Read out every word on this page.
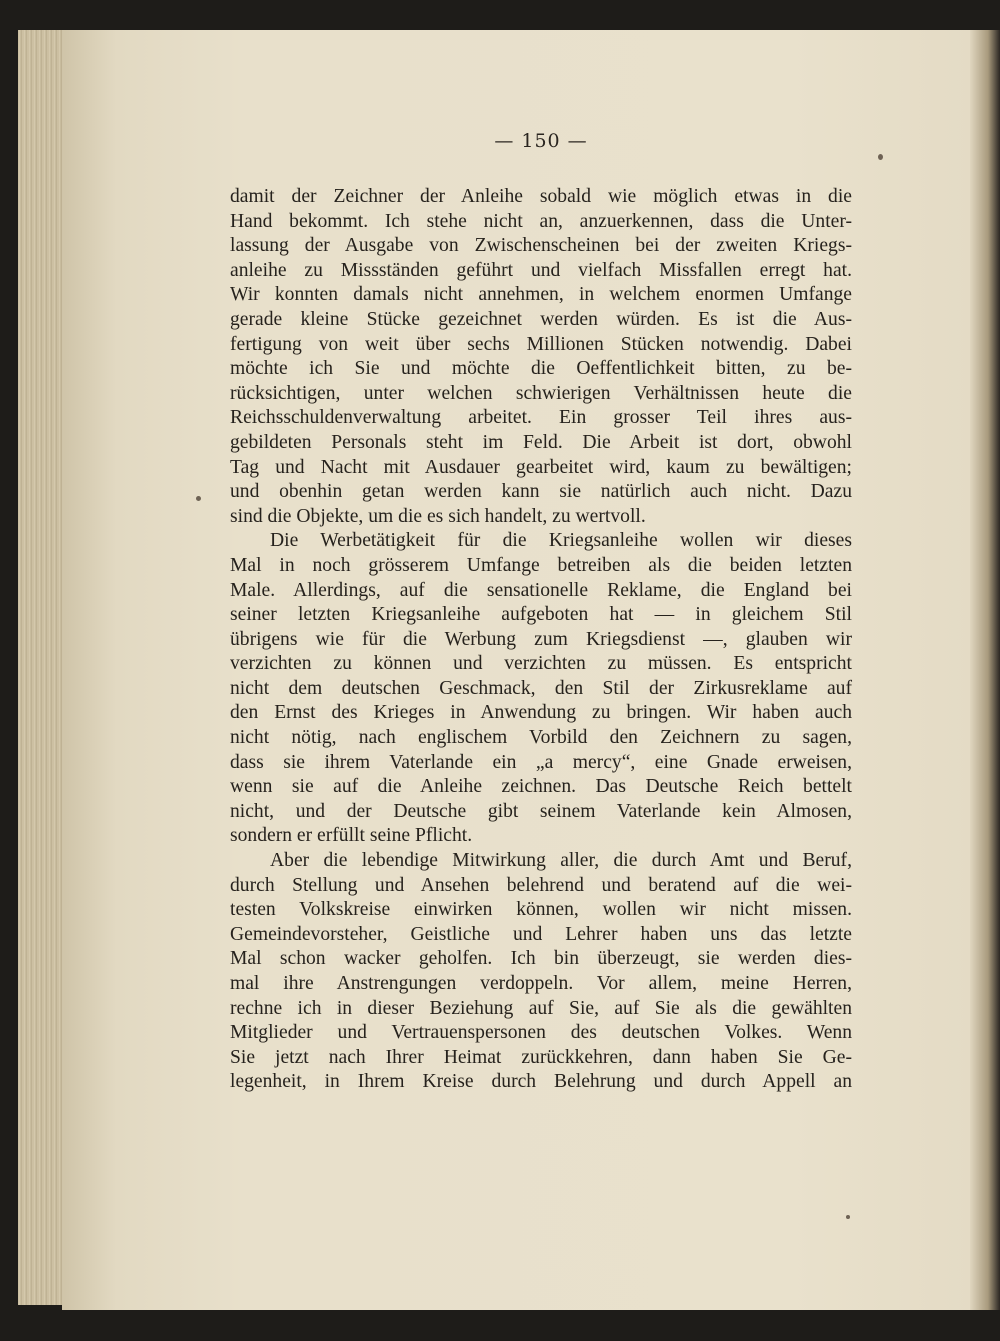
— 150 —
damit der Zeichner der Anleihe sobald wie möglich etwas in die
Hand bekommt. Ich stehe nicht an, anzuerkennen, dass die Unter-
lassung der Ausgabe von Zwischenscheinen bei der zweiten Kriegs-
anleihe zu Missständen geführt und vielfach Missfallen erregt hat.
Wir konnten damals nicht annehmen, in welchem enormen Umfange
gerade kleine Stücke gezeichnet werden würden. Es ist die Aus-
fertigung von weit über sechs Millionen Stücken notwendig. Dabei
möchte ich Sie und möchte die Oeffentlichkeit bitten, zu be-
rücksichtigen, unter welchen schwierigen Verhältnissen heute die
Reichsschuldenverwaltung arbeitet. Ein grosser Teil ihres aus-
gebildeten Personals steht im Feld. Die Arbeit ist dort, obwohl
Tag und Nacht mit Ausdauer gearbeitet wird, kaum zu bewältigen;
und obenhin getan werden kann sie natürlich auch nicht. Dazu
sind die Objekte, um die es sich handelt, zu wertvoll.
Die Werbetätigkeit für die Kriegsanleihe wollen wir dieses
Mal in noch grösserem Umfange betreiben als die beiden letzten
Male. Allerdings, auf die sensationelle Reklame, die England bei
seiner letzten Kriegsanleihe aufgeboten hat — in gleichem Stil
übrigens wie für die Werbung zum Kriegsdienst —, glauben wir
verzichten zu können und verzichten zu müssen. Es entspricht
nicht dem deutschen Geschmack, den Stil der Zirkusreklame auf
den Ernst des Krieges in Anwendung zu bringen. Wir haben auch
nicht nötig, nach englischem Vorbild den Zeichnern zu sagen,
dass sie ihrem Vaterlande ein „a mercy“, eine Gnade erweisen,
wenn sie auf die Anleihe zeichnen. Das Deutsche Reich bettelt
nicht, und der Deutsche gibt seinem Vaterlande kein Almosen,
sondern er erfüllt seine Pflicht.
Aber die lebendige Mitwirkung aller, die durch Amt und Beruf,
durch Stellung und Ansehen belehrend und beratend auf die wei-
testen Volkskreise einwirken können, wollen wir nicht missen.
Gemeindevorsteher, Geistliche und Lehrer haben uns das letzte
Mal schon wacker geholfen. Ich bin überzeugt, sie werden dies-
mal ihre Anstrengungen verdoppeln. Vor allem, meine Herren,
rechne ich in dieser Beziehung auf Sie, auf Sie als die gewählten
Mitglieder und Vertrauenspersonen des deutschen Volkes. Wenn
Sie jetzt nach Ihrer Heimat zurückkehren, dann haben Sie Ge-
legenheit, in Ihrem Kreise durch Belehrung und durch Appell an
